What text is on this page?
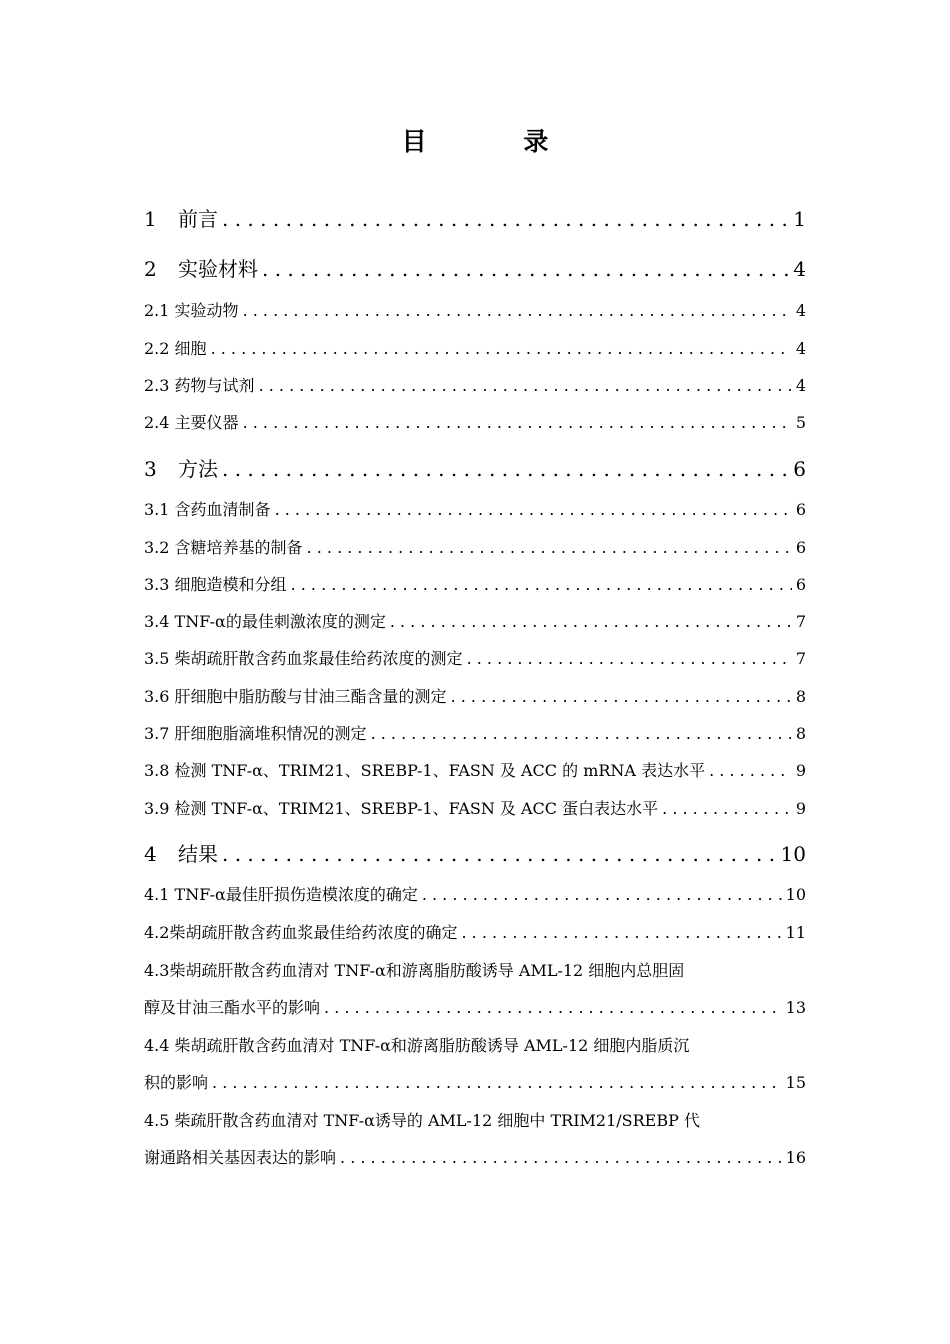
目 录
1 前言 . . .	1
2 实验材料 . . .	4
2.1 实验动物 . . .	4
2.2 细胞 . . .	4
2.3 药物与试剂 . . .	4
2.4 主要仪器 . . .	5
3 方法 . . .	6
3.1 含药血清制备 . . .	6
3.2 含糖培养基的制备 . . .	6
3.3 细胞造模和分组 . . .	6
3.4 TNF-α的最佳刺激浓度的测定 . . .	7
3.5 柴胡疏肝散含药血浆最佳给药浓度的测定 . . .	7
3.6 肝细胞中脂肪酸与甘油三酯含量的测定 . . .	8
3.7 肝细胞脂滴堆积情况的测定 . . .	8
3.8 检测 TNF-α、TRIM21、SREBP-1、FASN 及 ACC 的 mRNA 表达水平 . . .	9
3.9 检测 TNF-α、TRIM21、SREBP-1、FASN 及 ACC 蛋白表达水平 . . .	9
4 结果 . . .	10
4.1 TNF-α最佳肝损伤造模浓度的确定 . . .	10
4.2柴胡疏肝散含药血浆最佳给药浓度的确定 . . .	11
4.3柴胡疏肝散含药血清对 TNF-α和游离脂肪酸诱导 AML-12 细胞内总胆固
醇及甘油三酯水平的影响 . . .	13
4.4 柴胡疏肝散含药血清对 TNF-α和游离脂肪酸诱导 AML-12 细胞内脂质沉
积的影响 . . .	15
4.5 柴疏肝散含药血清对 TNF-α诱导的 AML-12 细胞中 TRIM21/SREBP 代
谢通路相关基因表达的影响 . . .	16
